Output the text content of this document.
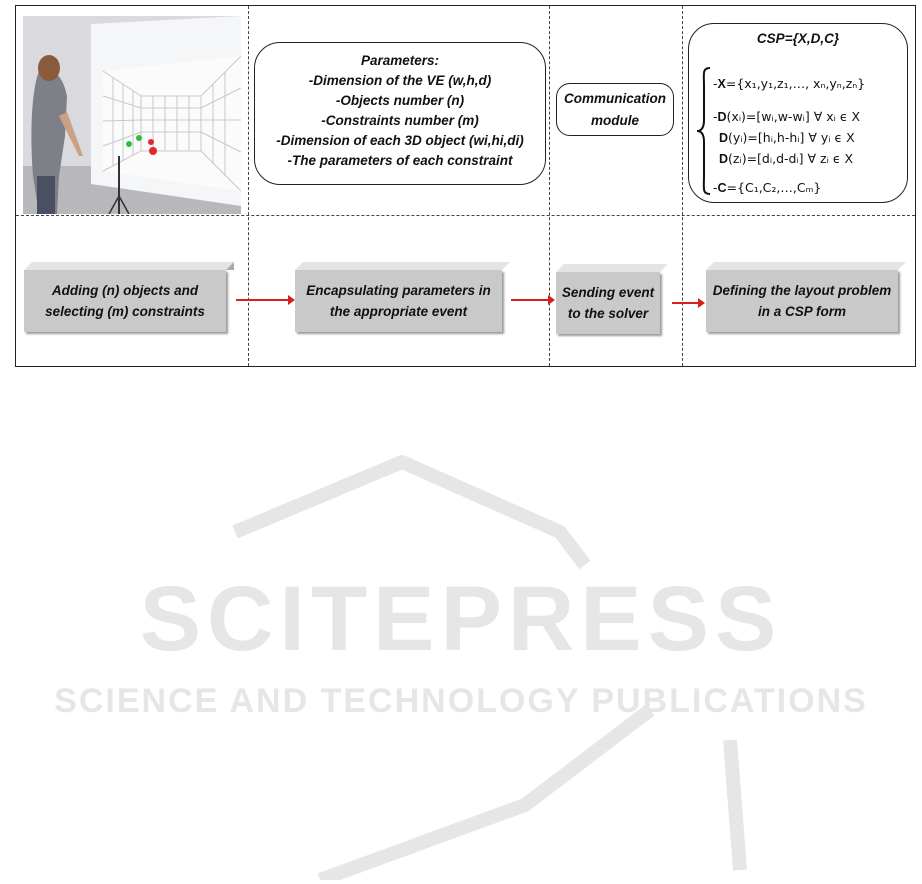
Parameters:
-Dimension of the VE (w,h,d)
-Objects number (n)
-Constraints number (m)
-Dimension of each 3D object (wi,hi,di)
-The parameters of each constraint
Communication
module
CSP={X,D,C}
-X={x₁,y₁,z₁,…, xₙ,yₙ,zₙ}
-D(xᵢ)=[wᵢ,w-wᵢ] ∀ xᵢ ϵ X
D(yᵢ)=[hᵢ,h-hᵢ] ∀ yᵢ ϵ X
D(zᵢ)=[dᵢ,d-dᵢ] ∀ zᵢ ϵ X
-C={C₁,C₂,…,Cₘ}
Adding (n) objects and
selecting (m) constraints
Encapsulating parameters in
the appropriate event
Sending event
to the solver
Defining the layout problem
in a CSP form
SCITEPRESS
SCIENCE AND TECHNOLOGY PUBLICATIONS
